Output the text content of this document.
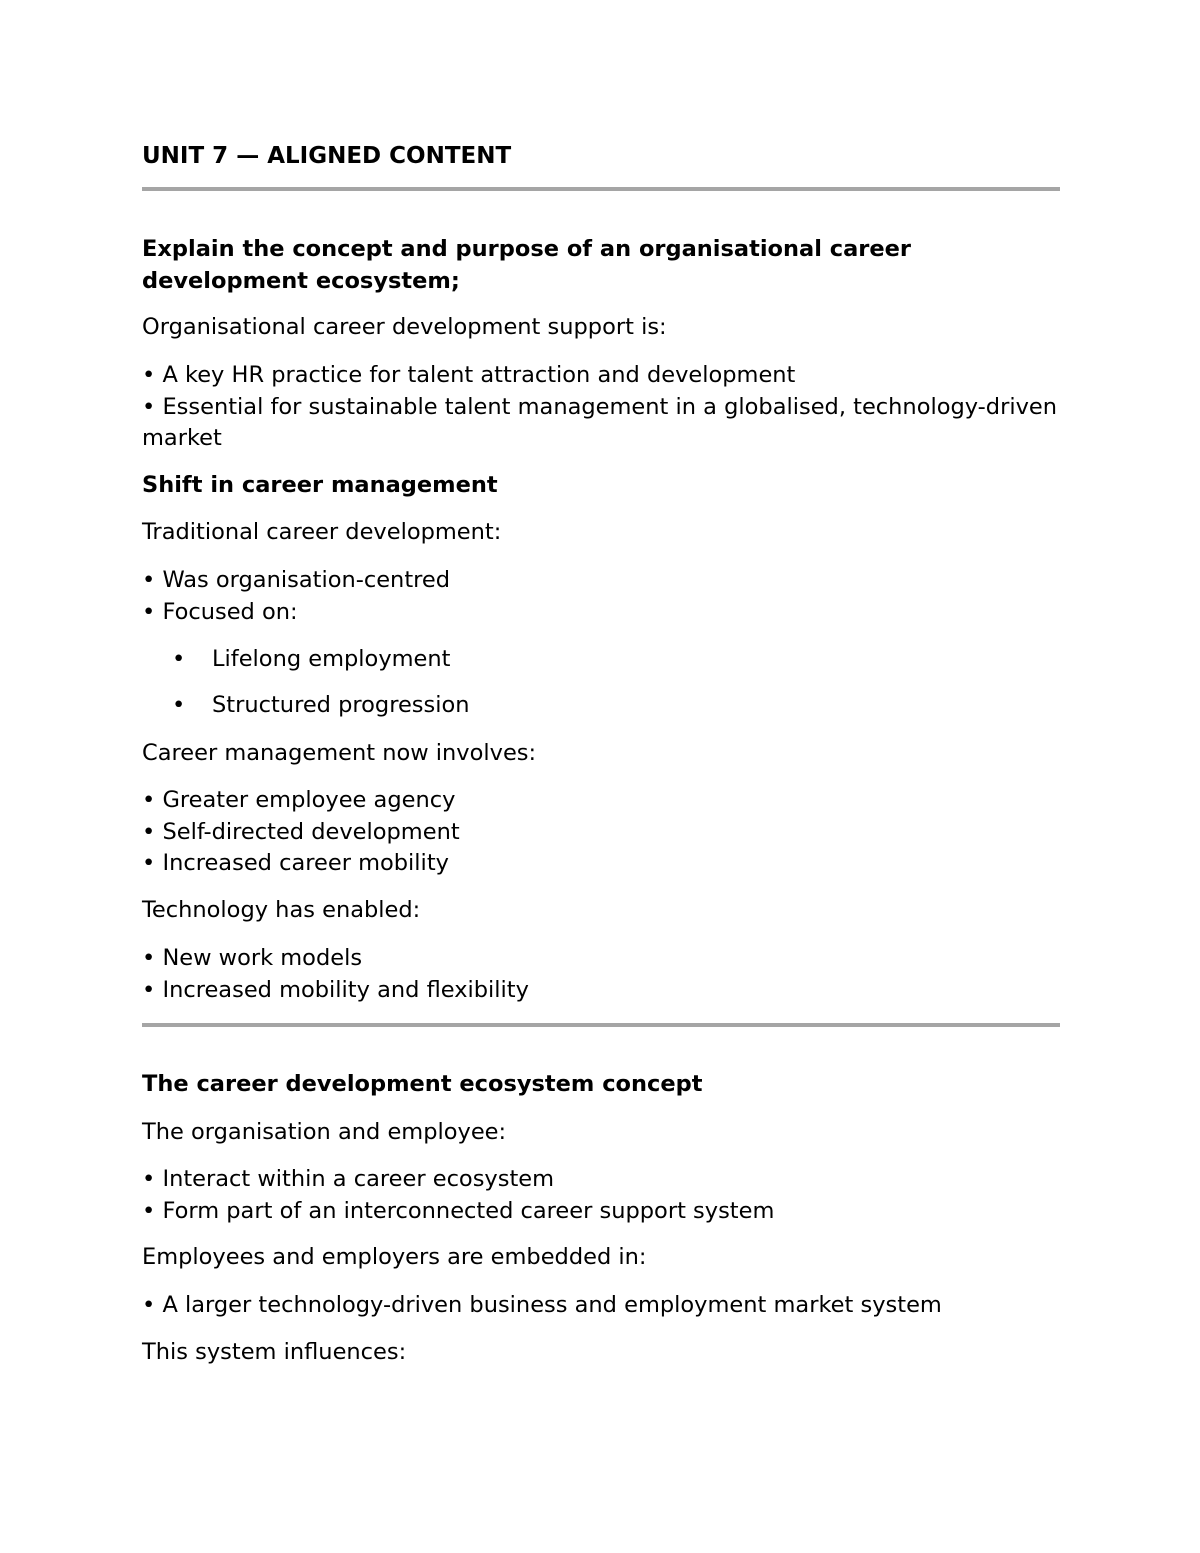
UNIT 7 — ALIGNED CONTENT
Explain the concept and purpose of an organisational career development ecosystem;

Organisational career development support is:

• A key HR practice for talent attraction and development
• Essential for sustainable talent management in a globalised, technology-driven market
Shift in career management

Traditional career development:

• Was organisation-centred
• Focused on:
• Lifelong employment
• Structured progression

Career management now involves:

• Greater employee agency
• Self-directed development
• Increased career mobility

Technology has enabled:

• New work models
• Increased mobility and flexibility
The career development ecosystem concept

The organisation and employee:

• Interact within a career ecosystem
• Form part of an interconnected career support system

Employees and employers are embedded in:

• A larger technology-driven business and employment market system

This system influences:
